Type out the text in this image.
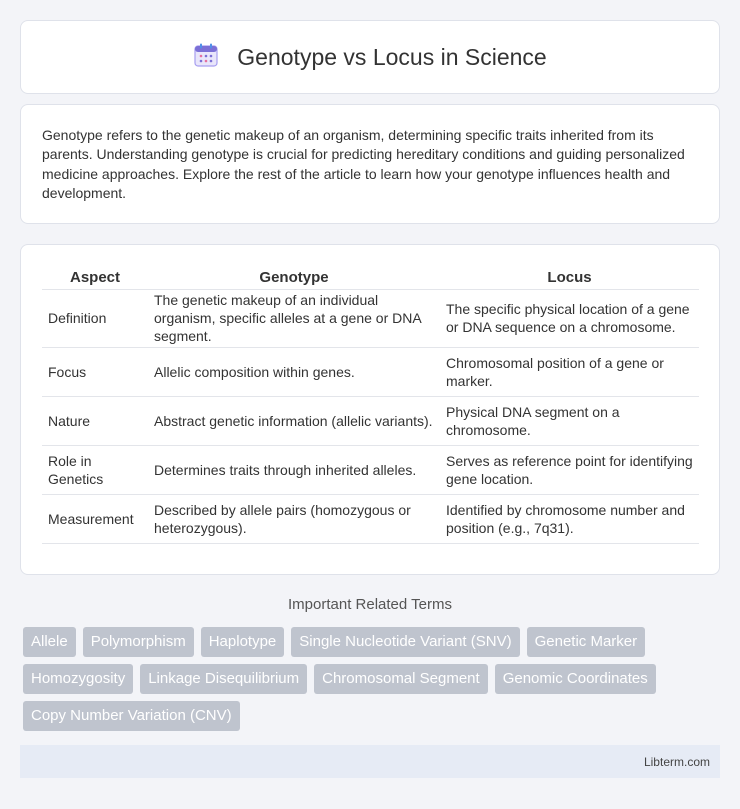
Genotype vs Locus in Science

Genotype refers to the genetic makeup of an organism, determining specific traits inherited from its parents. Understanding genotype is crucial for predicting hereditary conditions and guiding personalized medicine approaches. Explore the rest of the article to learn how your genotype influences health and development.

Aspect	Genotype	Locus
Definition	The genetic makeup of an individual organism, specific alleles at a gene or DNA segment.	The specific physical location of a gene or DNA sequence on a chromosome.
Focus	Allelic composition within genes.	Chromosomal position of a gene or marker.
Nature	Abstract genetic information (allelic variants).	Physical DNA segment on a chromosome.
Role in Genetics	Determines traits through inherited alleles.	Serves as reference point for identifying gene location.
Measurement	Described by allele pairs (homozygous or heterozygous).	Identified by chromosome number and position (e.g., 7q31).
Important Related Terms
Allele	Polymorphism	Haplotype	Single Nucleotide Variant (SNV)	Genetic Marker
Homozygosity	Linkage Disequilibrium	Chromosomal Segment	Genomic Coordinates
Copy Number Variation (CNV)
Libterm.com
